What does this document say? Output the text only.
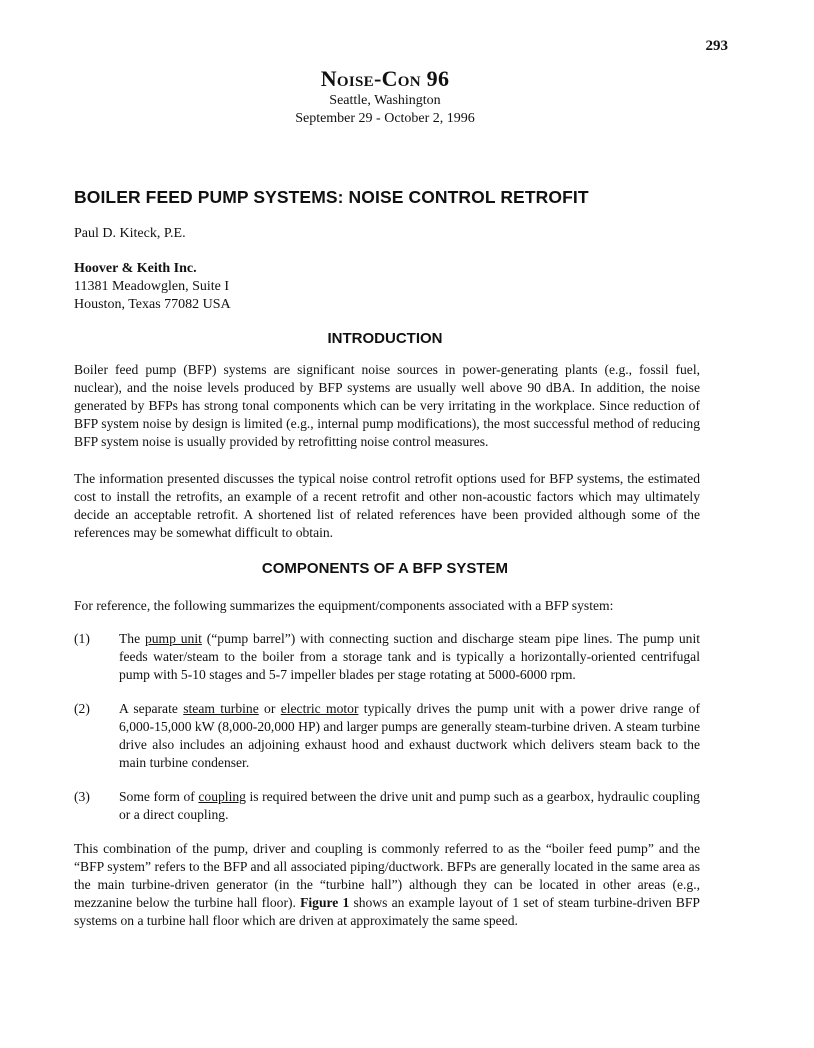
293

Noise-Con 96

Seattle, Washington

September 29 - October 2, 1996

BOILER FEED PUMP SYSTEMS: NOISE CONTROL RETROFIT

Paul D. Kiteck, P.E.

Hoover & Keith Inc.
11381 Meadowglen, Suite I
Houston, Texas 77082 USA
INTRODUCTION

Boiler feed pump (BFP) systems are significant noise sources in power-generating plants (e.g., fossil fuel, nuclear), and the noise levels produced by BFP systems are usually well above 90 dBA. In addition, the noise generated by BFPs has strong tonal components which can be very irritating in the workplace. Since reduction of BFP system noise by design is limited (e.g., internal pump modifications), the most successful method of reducing BFP system noise is usually provided by retrofitting noise control measures.

The information presented discusses the typical noise control retrofit options used for BFP systems, the estimated cost to install the retrofits, an example of a recent retrofit and other non-acoustic factors which may ultimately decide an acceptable retrofit. A shortened list of related references have been provided although some of the references may be somewhat difficult to obtain.

COMPONENTS OF A BFP SYSTEM

For reference, the following summarizes the equipment/components associated with a BFP system:

(1) The pump unit (“pump barrel”) with connecting suction and discharge steam pipe lines. The pump unit feeds water/steam to the boiler from a storage tank and is typically a horizontally-oriented centrifugal pump with 5-10 stages and 5-7 impeller blades per stage rotating at 5000-6000 rpm.
(2) A separate steam turbine or electric motor typically drives the pump unit with a power drive range of 6,000-15,000 kW (8,000-20,000 HP) and larger pumps are generally steam-turbine driven. A steam turbine drive also includes an adjoining exhaust hood and exhaust ductwork which delivers steam back to the main turbine condenser.
(3) Some form of coupling is required between the drive unit and pump such as a gearbox, hydraulic coupling or a direct coupling.

This combination of the pump, driver and coupling is commonly referred to as the “boiler feed pump” and the “BFP system” refers to the BFP and all associated piping/ductwork. BFPs are generally located in the same area as the main turbine-driven generator (in the “turbine hall”) although they can be located in other areas (e.g., mezzanine below the turbine hall floor). Figure 1 shows an example layout of 1 set of steam turbine-driven BFP systems on a turbine hall floor which are driven at approximately the same speed.
